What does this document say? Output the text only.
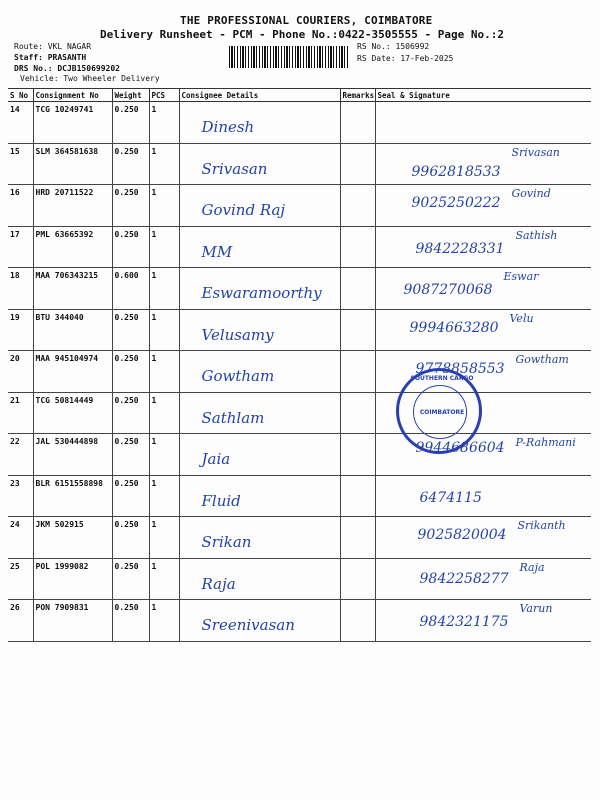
THE PROFESSIONAL COURIERS, COIMBATORE
Delivery Runsheet - PCM - Phone No.:0422-3505555 - Page No.:2
Route: VKL NAGAR
Staff: PRASANTH
DRS No.: DCJB150699202
Vehicle: Two Wheeler Delivery
RS No.: 1506992
RS Date: 17-Feb-2025
S No	Consignment No	Weight	PCS	Consignee Details	Remarks	Seal & Signature
14	TCG 10249741	0.250	1	Dinesh		

15	SLM 364581638	0.250	1	Srivasan		9962818533
Srivasan

16	HRD 20711522	0.250	1	Govind Raj		9025250222
Govind

17	PML 63665392	0.250	1	MM		9842228331
Sathish

18	MAA 706343215	0.600	1	Eswaramoorthy		9087270068
Eswar

19	BTU 344040	0.250	1	Velusamy		9994663280
Velu

20	MAA 945104974	0.250	1	Gowtham		9778858553
Gowtham

21	TCG 50814449	0.250	1	Sathlam		

22	JAL 530444898	0.250	1	Jaia		9944686604 P-Rahmani

23	BLR 6151558898	0.250	1	Fluid		6474115

24	JKM 502915	0.250	1	Srikan		9025820004
Srikanth

25	POL 1999082	0.250	1	Raja		9842258277
Raja

26	PON 7909831	0.250	1	Sreenivasan		9842321175
Varun
SOUTHERN CARGO
COIMBATORE
